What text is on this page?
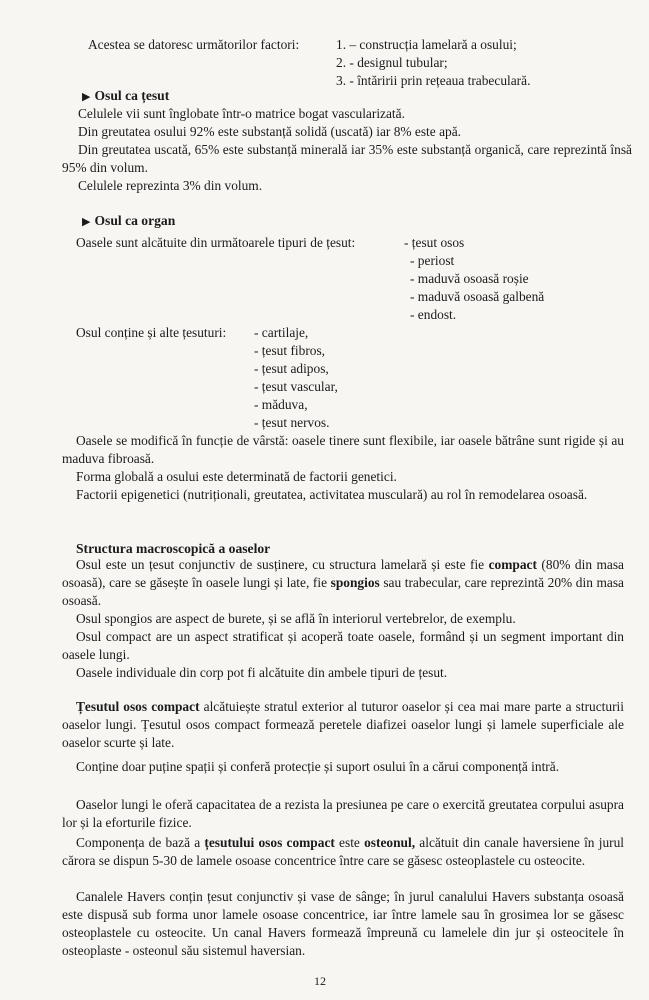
Acestea se datoresc următorilor factori:	1. – construcția lamelară a osului;
2. - designul tubular;
3. - întăririi prin rețeaua trabeculară.
▶ Osul ca țesut
Celulele vii sunt înglobate într-o matrice bogat vascularizată.
Din greutatea osului 92% este substanță solidă (uscată) iar 8% este apă.
Din greutatea uscată, 65% este substanță minerală iar 35% este substanță organică, care reprezintă însă 95% din volum.
Celulele reprezinta 3% din volum.
▶ Osul ca organ
Oasele sunt alcătuite din următoarele tipuri de țesut:	- țesut osos
- periost
- maduvă osoasă roșie
- maduvă osoasă galbenă
- endost.
Osul conține și alte țesuturi: - cartilaje,
- țesut fibros,
- țesut adipos,
- țesut vascular,
- măduva,
- țesut nervos.
Oasele se modifică în funcție de vârstă: oasele tinere sunt flexibile, iar oasele bătrâne sunt rigide și au maduva fibroasă.
Forma globală a osului este determinată de factorii genetici.
Factorii epigenetici (nutriționali, greutatea, activitatea musculară) au rol în remodelarea osoasă.
Structura macroscopică a oaselor
Osul este un țesut conjunctiv de susținere, cu structura lamelară și este fie compact (80% din masa osoasă), care se găsește în oasele lungi și late, fie spongios sau trabecular, care reprezintă 20% din masa osoasă.
Osul spongios are aspect de burete, și se află în interiorul vertebrelor, de exemplu.
Osul compact are un aspect stratificat și acoperă toate oasele, formând și un segment important din oasele lungi.
Oasele individuale din corp pot fi alcătuite din ambele tipuri de țesut.
Țesutul osos compact alcătuiește stratul exterior al tuturor oaselor și cea mai mare parte a structurii oaselor lungi. Țesutul osos compact formează peretele diafizei oaselor lungi și lamele superficiale ale oaselor scurte și late.
Conține doar puține spații și conferă protecție și suport osului în a cărui componență intră.
Oaselor lungi le oferă capacitatea de a rezista la presiunea pe care o exercită greutatea corpului asupra lor și la eforturile fizice.
Componența de bază a țesutului osos compact este osteonul, alcătuit din canale haversiene în jurul cărora se dispun 5-30 de lamele osoase concentrice între care se găsesc osteoplastele cu osteocite.
Canalele Havers conțin țesut conjunctiv și vase de sânge; în jurul canalului Havers substanța osoasă este dispusă sub forma unor lamele osoase concentrice, iar între lamele sau în grosimea lor se găsesc osteoplastele cu osteocite. Un canal Havers formează împreună cu lamelele din jur și osteocitele în osteoplaste - osteonul său sistemul haversian.
12
